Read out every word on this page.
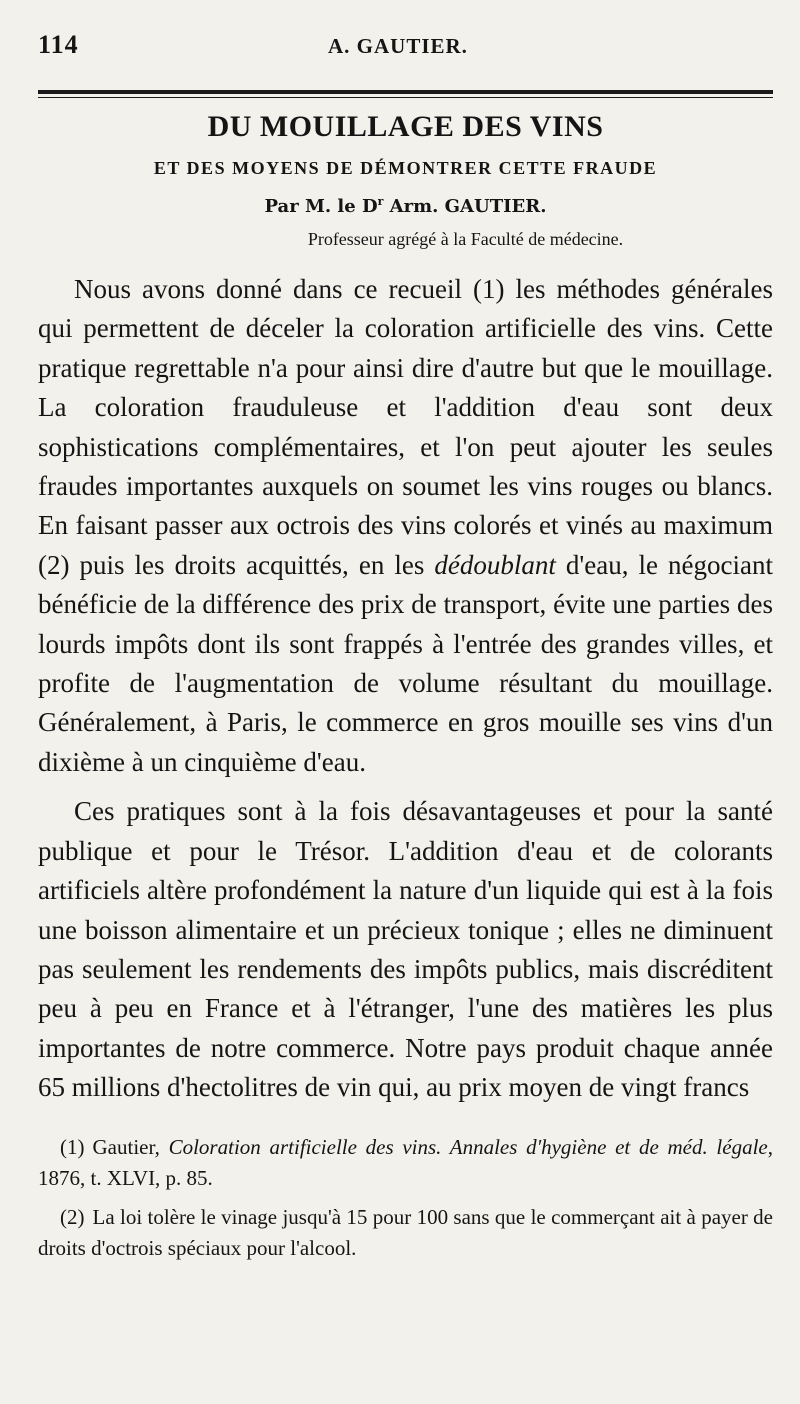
114	A. GAUTIER.
DU MOUILLAGE DES VINS
ET DES MOYENS DE DÉMONTRER CETTE FRAUDE
Par M. le $D^r$ Arm. GAUTIER.
Professeur agrégé à la Faculté de médecine.

Nous avons donné dans ce recueil (1) les méthodes générales qui permettent de déceler la coloration artificielle des vins. Cette pratique regrettable n'a pour ainsi dire d'autre but que le mouillage. La coloration frauduleuse et l'addition d'eau sont deux sophistications complémentaires, et l'on peut ajouter les seules fraudes importantes auxquels on soumet les vins rouges ou blancs. En faisant passer aux octrois des vins colorés et vinés au maximum (2) puis les droits acquittés, en les dédoublant d'eau, le négociant bénéficie de la différence des prix de transport, évite une parties des lourds impôts dont ils sont frappés à l'entrée des grandes villes, et profite de l'augmentation de volume résultant du mouillage. Généralement, à Paris, le commerce en gros mouille ses vins d'un dixième à un cinquième d'eau.

Ces pratiques sont à la fois désavantageuses et pour la santé publique et pour le Trésor. L'addition d'eau et de colorants artificiels altère profondément la nature d'un liquide qui est à la fois une boisson alimentaire et un précieux tonique ; elles ne diminuent pas seulement les rendements des impôts publics, mais discréditent peu à peu en France et à l'étranger, l'une des matières les plus importantes de notre commerce. Notre pays produit chaque année 65 millions d'hectolitres de vin qui, au prix moyen de vingt francs

(1) Gautier, Coloration artificielle des vins. Annales d'hygiène et de méd. légale, 1876, t. XLVI, p. 85.

(2) La loi tolère le vinage jusqu'à 15 pour 100 sans que le commerçant ait à payer de droits d'octrois spéciaux pour l'alcool.
